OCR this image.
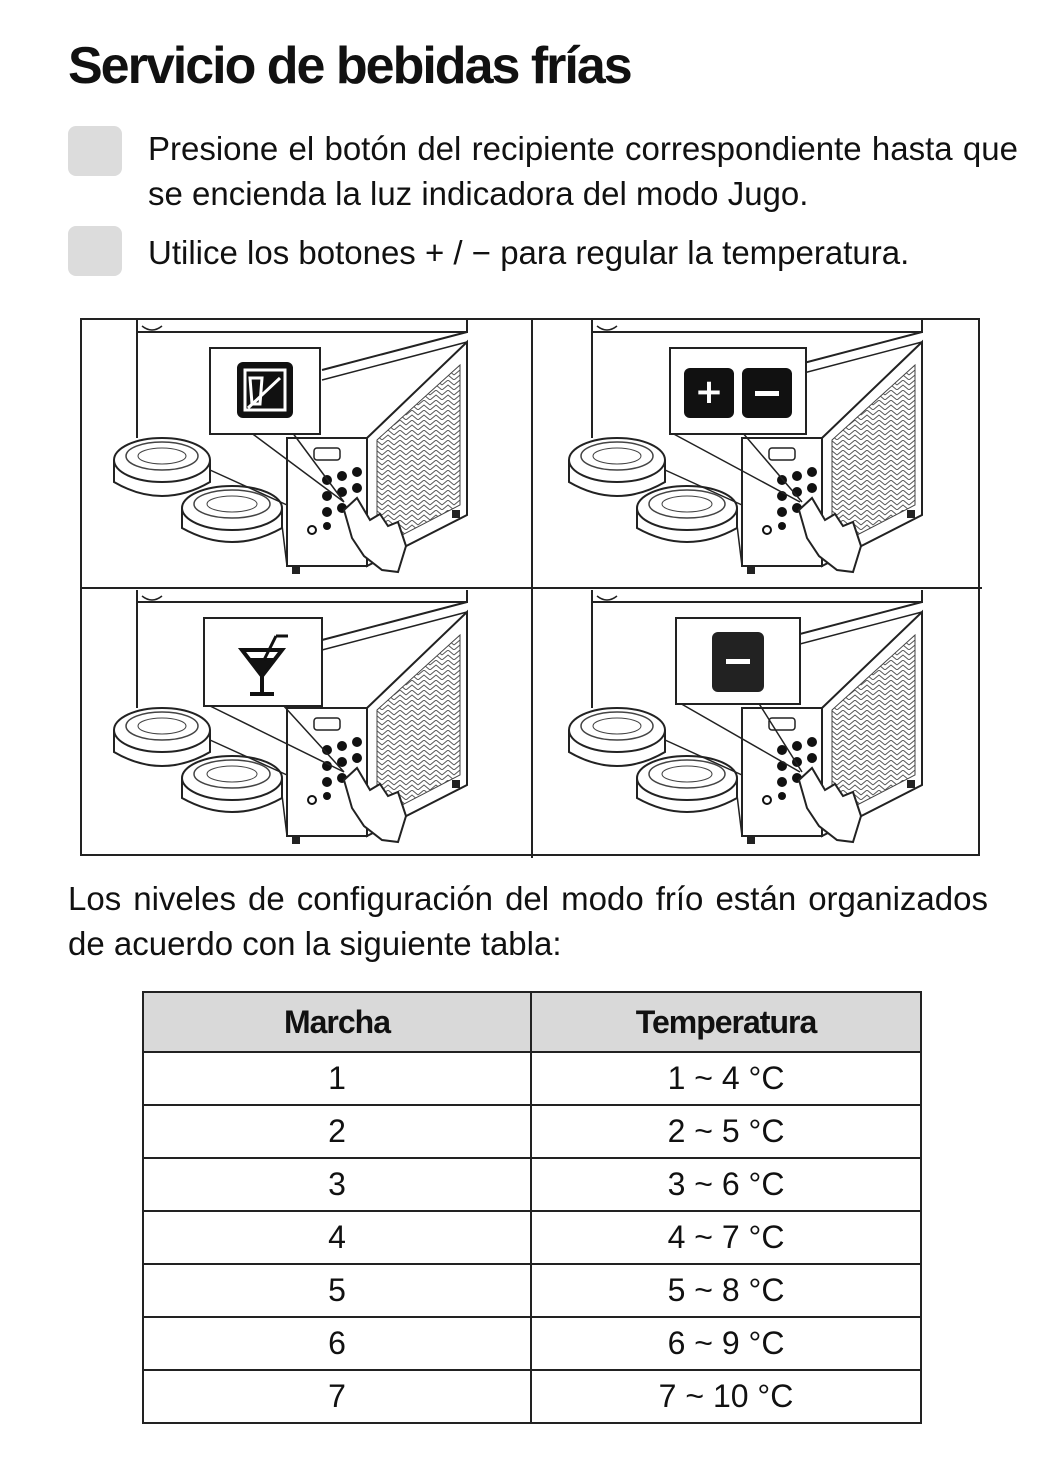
Servicio de bebidas frías
Presione el botón del recipiente correspondiente hasta que se encienda la luz indicadora del modo Jugo.
Utilice los botones + / − para regular la temperatura.
+
Los niveles de configuración del modo frío están organizados de acuerdo con la siguiente tabla:
Marcha	Temperatura
1	1 ~ 4 °C
2	2 ~ 5 °C
3	3 ~ 6 °C
4	4 ~ 7 °C
5	5 ~ 8 °C
6	6 ~ 9 °C
7	7 ~ 10 °C
